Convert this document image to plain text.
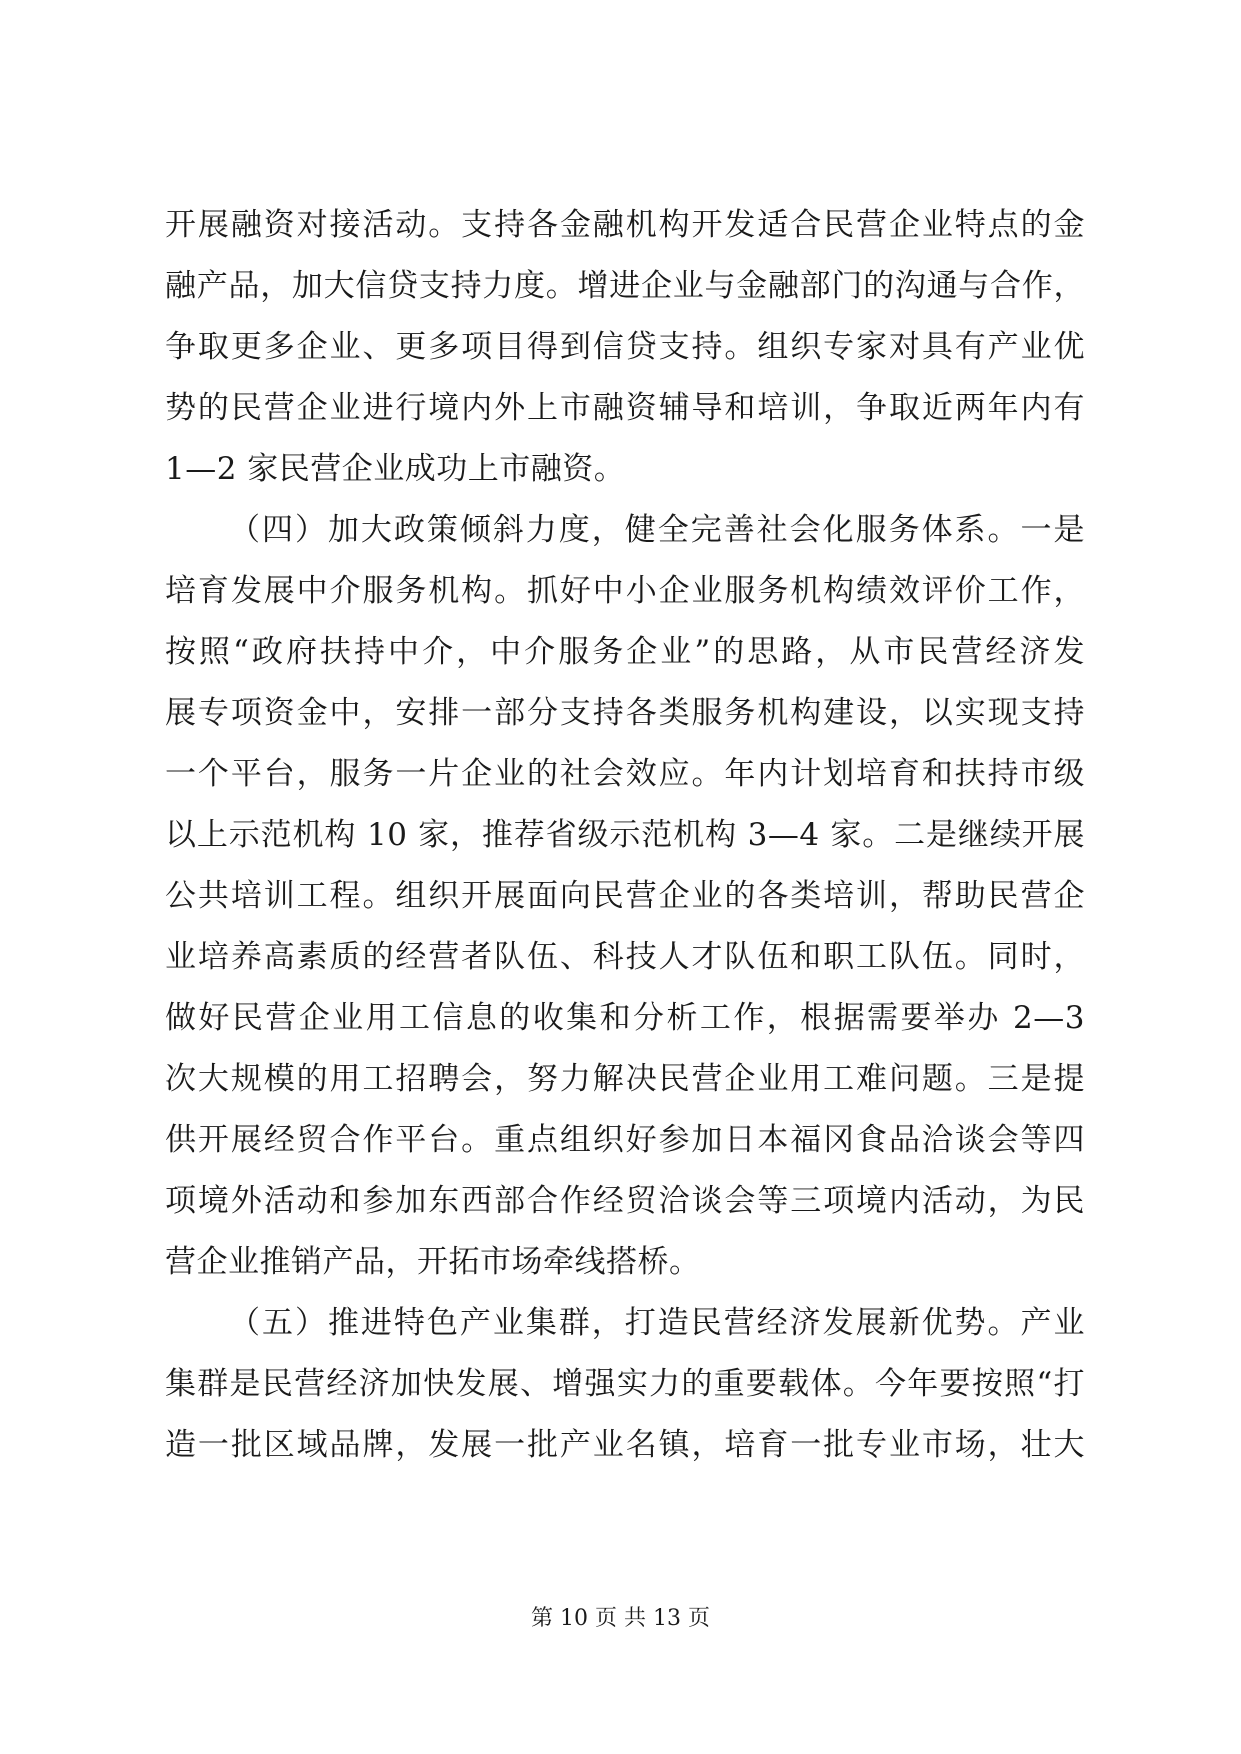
开展融资对接活动。支持各金融机构开发适合民营企业特点的金
融产品，加大信贷支持力度。增进企业与金融部门的沟通与合作，
争取更多企业、更多项目得到信贷支持。组织专家对具有产业优
势的民营企业进行境内外上市融资辅导和培训，争取近两年内有
1—2 家民营企业成功上市融资。
（四）加大政策倾斜力度，健全完善社会化服务体系。一是
培育发展中介服务机构。抓好中小企业服务机构绩效评价工作，
按照“政府扶持中介，中介服务企业”的思路，从市民营经济发
展专项资金中，安排一部分支持各类服务机构建设，以实现支持
一个平台，服务一片企业的社会效应。年内计划培育和扶持市级
以上示范机构 10 家，推荐省级示范机构 3—4 家。二是继续开展
公共培训工程。组织开展面向民营企业的各类培训，帮助民营企
业培养高素质的经营者队伍、科技人才队伍和职工队伍。同时，
做好民营企业用工信息的收集和分析工作，根据需要举办 2—3
次大规模的用工招聘会，努力解决民营企业用工难问题。三是提
供开展经贸合作平台。重点组织好参加日本福冈食品洽谈会等四
项境外活动和参加东西部合作经贸洽谈会等三项境内活动，为民
营企业推销产品，开拓市场牵线搭桥。
（五）推进特色产业集群，打造民营经济发展新优势。产业
集群是民营经济加快发展、增强实力的重要载体。今年要按照“打
造一批区域品牌，发展一批产业名镇，培育一批专业市场，壮大
第 10 页 共 13 页
